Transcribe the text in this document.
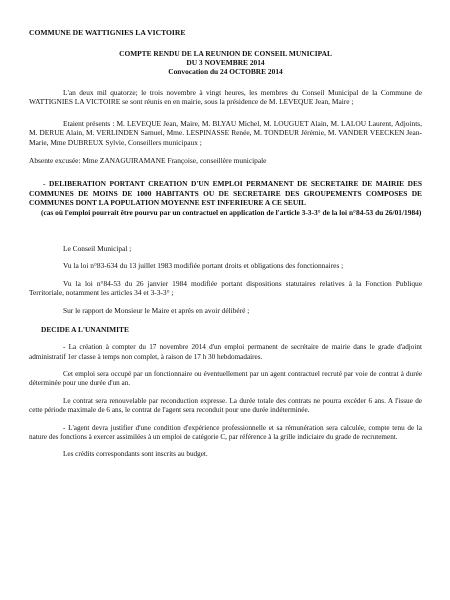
COMMUNE DE WATTIGNIES LA VICTOIRE
COMPTE RENDU DE LA REUNION DE CONSEIL MUNICIPAL
DU 3 NOVEMBRE 2014
Convocation du 24 OCTOBRE 2014

L'an deux mil quatorze; le trois novembre à vingt heures, les membres du Conseil Municipal de la Commune de WATTIGNIES LA VICTOIRE se sont réunis en en mairie, sous la présidence de M. LEVEQUE Jean, Maire ;

Etaient présents : M. LEVEQUE Jean, Maire, M. BLYAU Michel, M. LOUGUET Alain, M. LALOU Laurent, Adjoints, M. DERUE Alain, M. VERLINDEN Samuel, Mme. LESPINASSE Renée, M. TONDEUR Jérémie, M. VANDER VEECKEN Jean-Marie, Mme DUBREUX Sylvie, Conseillers municipaux ;

Absente excusée: Mme ZANAGUIRAMANE Françoise, conseillère municipale

- DELIBERATION PORTANT CREATION D'UN EMPLOI PERMANENT DE SECRETAIRE DE MAIRIE DES COMMUNES DE MOINS DE 1000 HABITANTS OU DE SECRETAIRE DES GROUPEMENTS COMPOSES DE COMMUNES DONT LA POPULATION MOYENNE EST INFERIEURE A CE SEUIL

(cas où l'emploi pourrait être pourvu par un contractuel en application de l'article 3-3-3° de la loi n°84-53 du 26/01/1984)

Le Conseil Municipal ;

Vu la loi n°83-634 du 13 juillet 1983 modifiée portant droits et obligations des fonctionnaires ;

Vu la loi n°84-53 du 26 janvier 1984 modifiée portant dispositions statutaires relatives à la Fonction Publique Territoriale, notamment les articles 34 et 3-3-3° ;

Sur le rapport de Monsieur le Maire et après en avoir délibéré ;

DECIDE A L'UNANIMITE

- La création à compter du 17 novembre 2014 d'un emploi permanent de secrétaire de mairie dans le grade d'adjoint administratif 1er classe à temps non complet, à raison de 17 h 30 hebdomadaires.

Cet emploi sera occupé par un fonctionnaire ou éventuellement par un agent contractuel recruté par voie de contrat à durée déterminée pour une durée d'un an.

Le contrat sera renouvelable par reconduction expresse. La durée totale des contrats ne pourra excéder 6 ans. A l'issue de cette période maximale de 6 ans, le contrat de l'agent sera reconduit pour une durée indéterminée.

- L'agent devra justifier d'une condition d'expérience professionnelle et sa rémunération sera calculée, compte tenu de la nature des fonctions à exercer assimilées à un emploi de catégorie C, par référence à la grille indiciaire du grade de recrutement.

Les crédits correspondants sont inscrits au budget.
